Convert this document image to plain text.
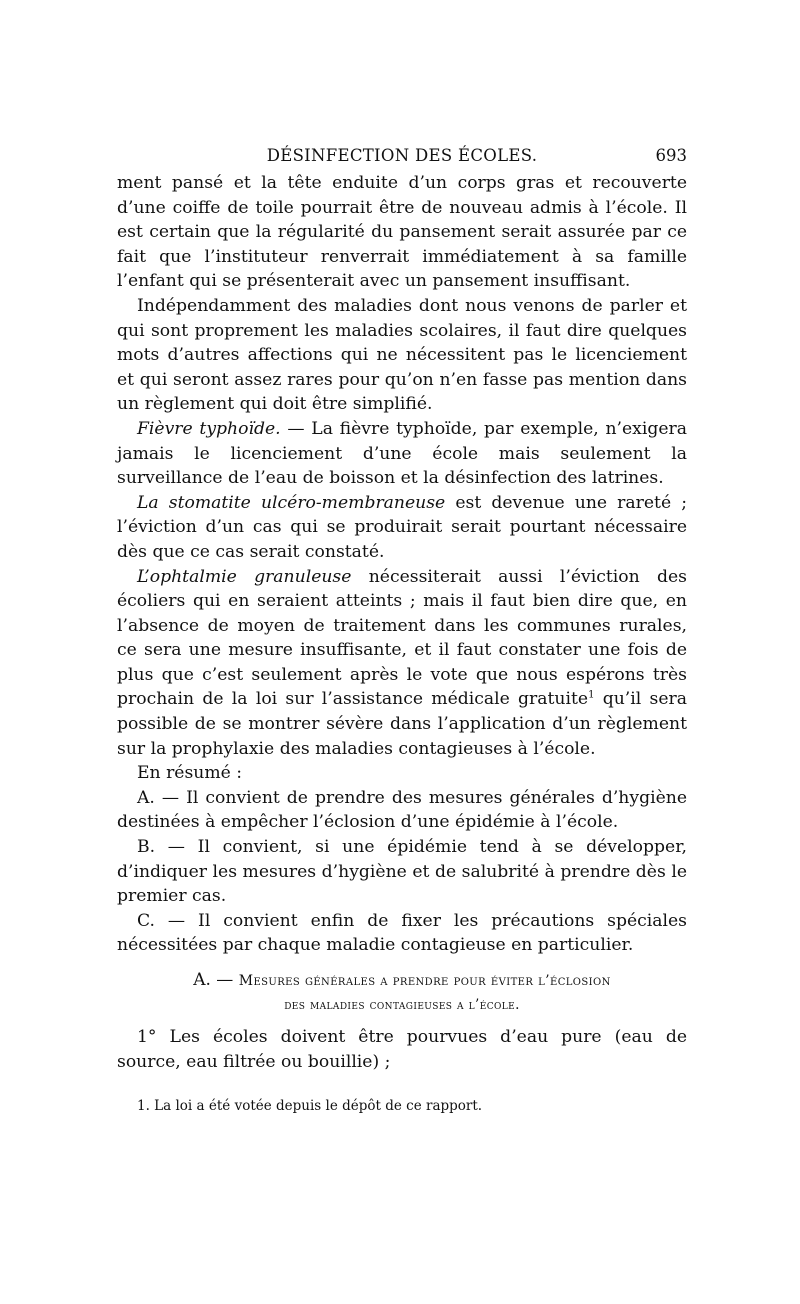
DÉSINFECTION DES ÉCOLES.	693

ment pansé et la tête enduite d’un corps gras et recouverte d’une coiffe de toile pourrait être de nouveau admis à l’école. Il est certain que la régularité du pansement serait assurée par ce fait que l’instituteur renverrait immédiatement à sa famille l’enfant qui se présenterait avec un pansement insuffisant.

Indépendamment des maladies dont nous venons de parler et qui sont proprement les maladies scolaires, il faut dire quelques mots d’autres affections qui ne nécessitent pas le licenciement et qui seront assez rares pour qu’on n’en fasse pas mention dans un règlement qui doit être simplifié.

Fièvre typhoïde. — La fièvre typhoïde, par exemple, n’exigera jamais le licenciement d’une école mais seulement la surveillance de l’eau de boisson et la désinfection des latrines.

La stomatite ulcéro-membraneuse est devenue une rareté ; l’éviction d’un cas qui se produirait serait pourtant nécessaire dès que ce cas serait constaté.

L’ophtalmie granuleuse nécessiterait aussi l’éviction des écoliers qui en seraient atteints ; mais il faut bien dire que, en l’absence de moyen de traitement dans les communes rurales, ce sera une mesure insuffisante, et il faut constater une fois de plus que c’est seulement après le vote que nous espérons très prochain de la loi sur l’assistance médicale gratuite$^1$ qu’il sera possible de se montrer sévère dans l’application d’un règlement sur la prophylaxie des maladies contagieuses à l’école.

En résumé :

A. — Il convient de prendre des mesures générales d’hygiène destinées à empêcher l’éclosion d’une épidémie à l’école.

B. — Il convient, si une épidémie tend à se développer, d’indiquer les mesures d’hygiène et de salubrité à prendre dès le premier cas.

C. — Il convient enfin de fixer les précautions spéciales nécessitées par chaque maladie contagieuse en particulier.

A. — Mesures générales a prendre pour éviter l’éclosion
des maladies contagieuses a l’école.

1° Les écoles doivent être pourvues d’eau pure (eau de source, eau filtrée ou bouillie) ;

1. La loi a été votée depuis le dépôt de ce rapport.
